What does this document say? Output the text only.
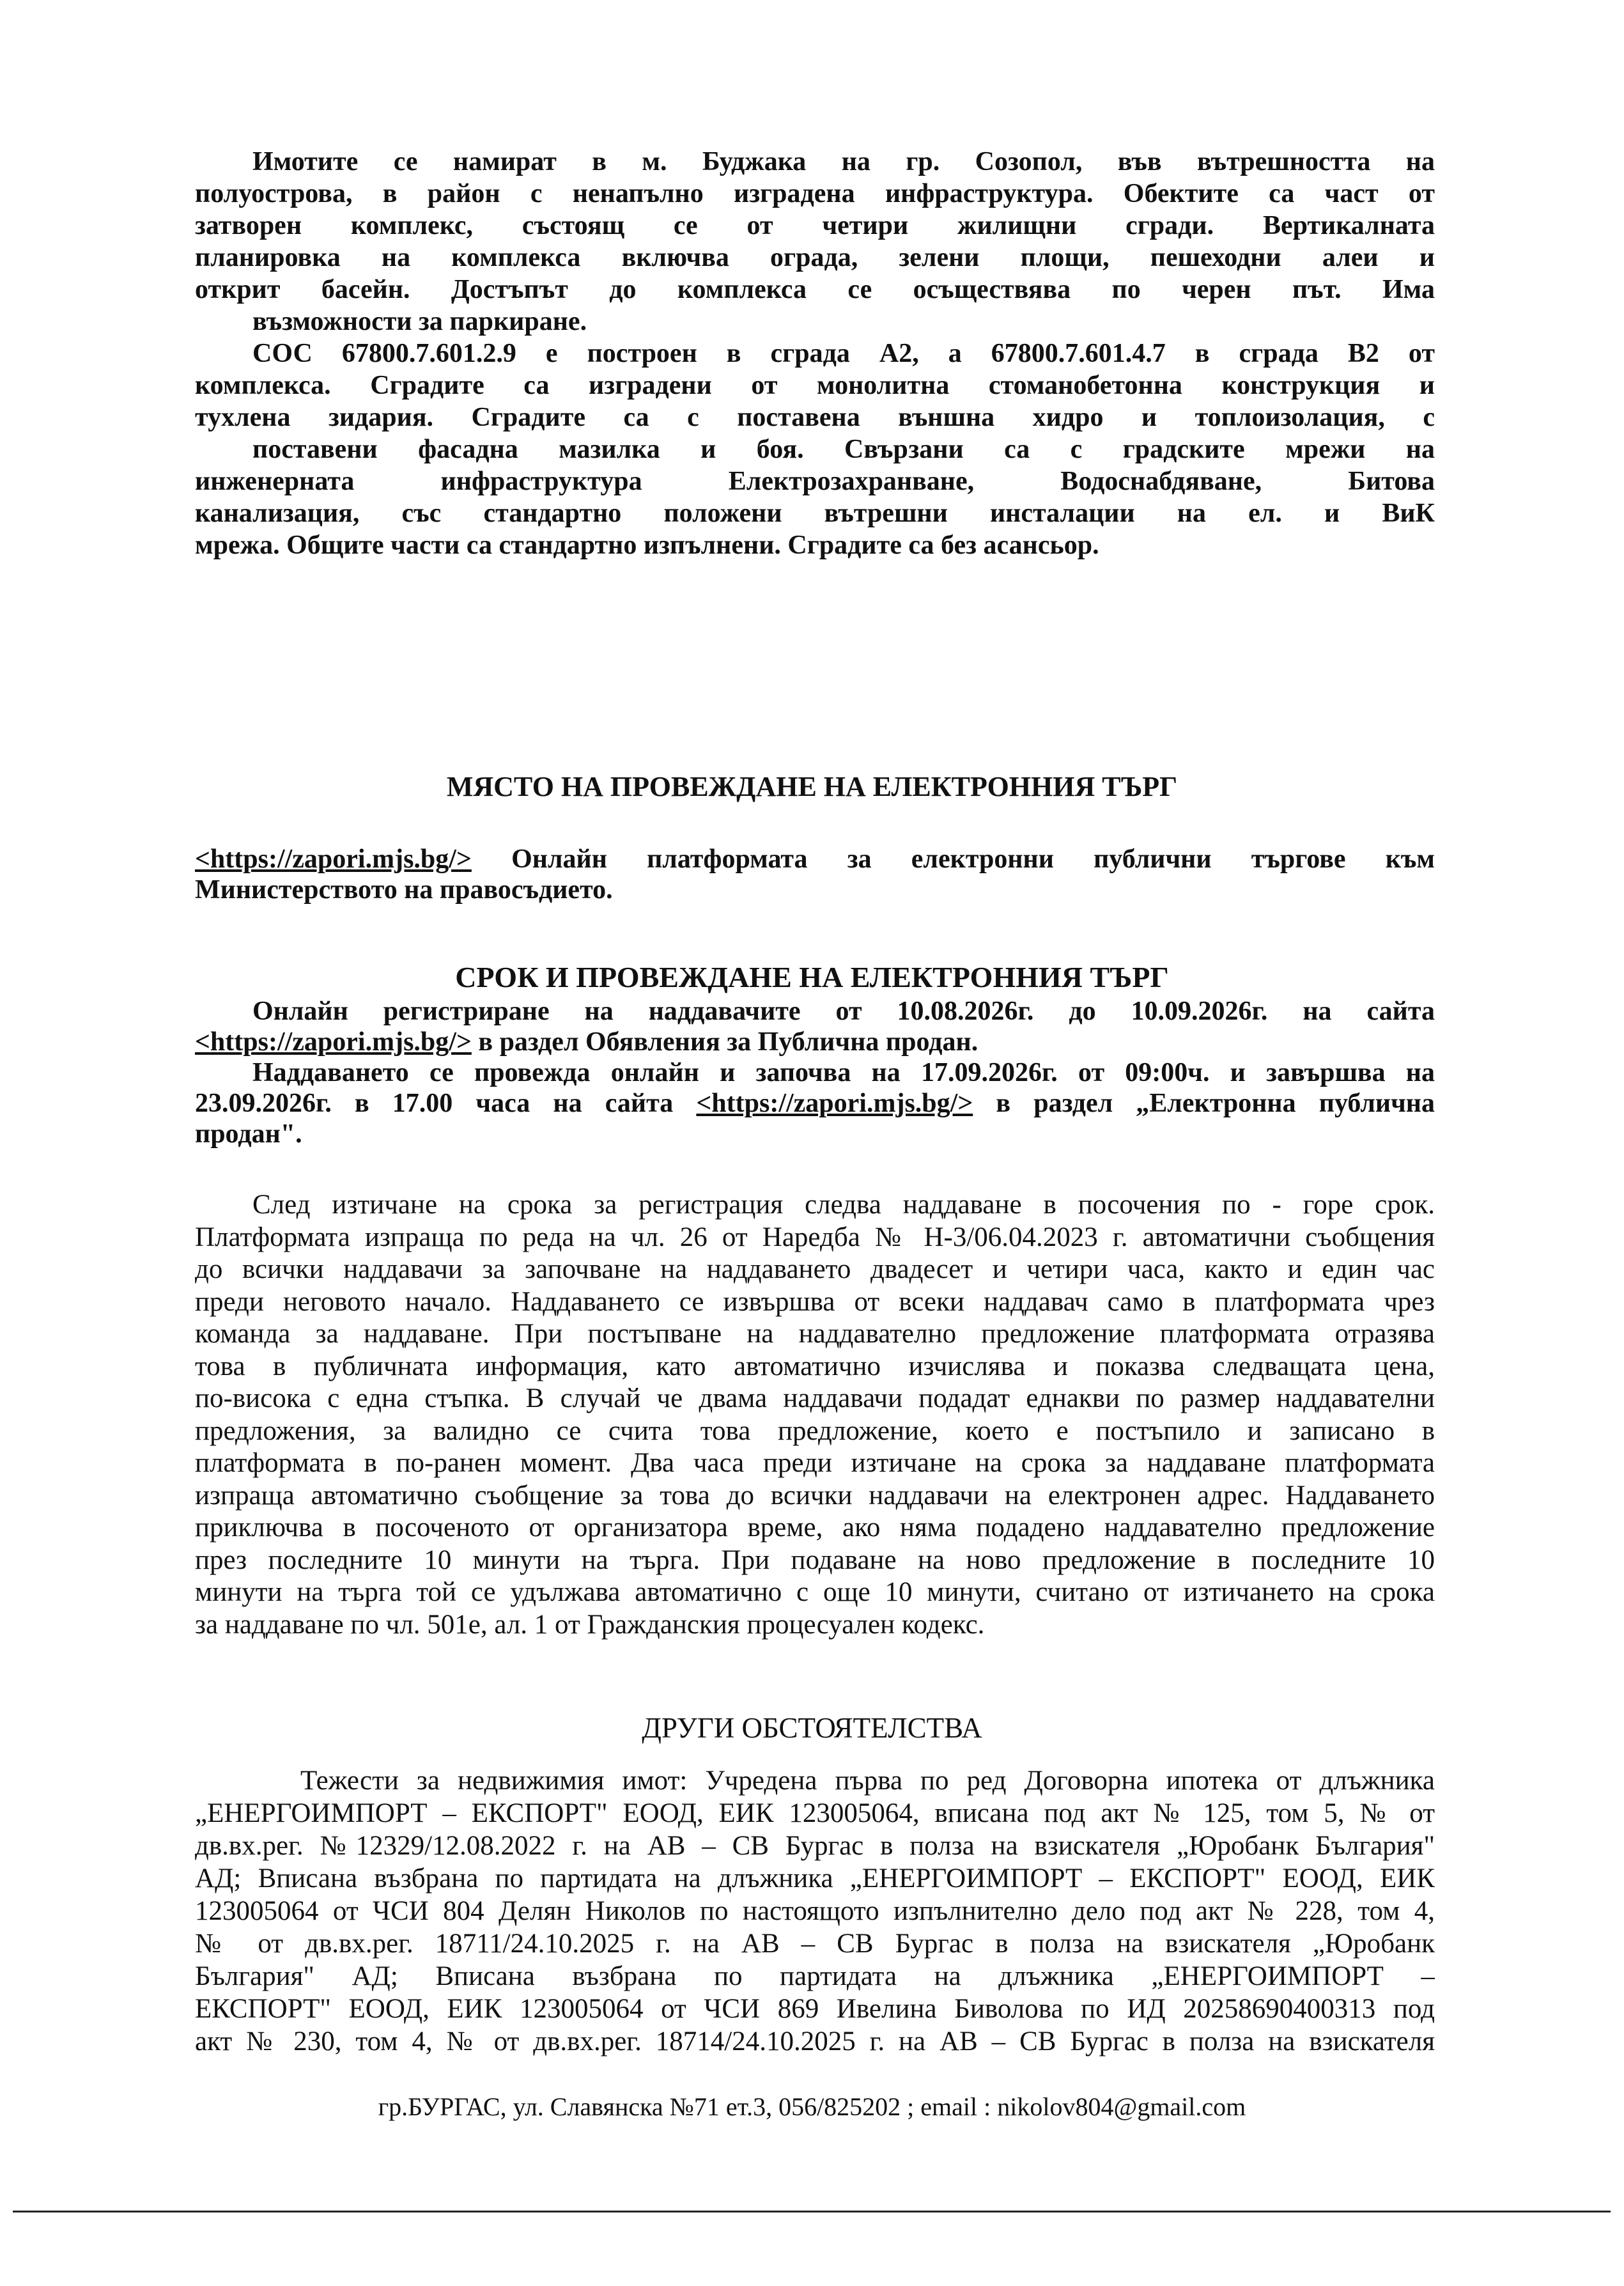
Имотите се намират в м. Буджака на гр. Созопол, във вътрешността на
полуострова, в район с ненапълно изградена инфраструктура. Обектите са част от
затворен комплекс, състоящ се от четири жилищни сгради. Вертикалната
планировка на комплекса включва ограда, зелени площи, пешеходни алеи и
открит басейн. Достъпът до комплекса се осъществява по черен път. Има
възможности за паркиране.
СОС 67800.7.601.2.9 е построен в сграда А2, а 67800.7.601.4.7 в сграда В2 от
комплекса. Сградите са изградени от монолитна стоманобетонна конструкция и
тухлена зидария. Сградите са с поставена външна хидро и топлоизолация, с
поставени фасадна мазилка и боя. Свързани са с градските мрежи на
инженерната инфраструктура Електрозахранване, Водоснабдяване, Битова
канализация, със стандартно положени вътрешни инсталации на ел. и ВиК
мрежа. Общите части са стандартно изпълнени. Сградите са без асансьор.
МЯСТО НА ПРОВЕЖДАНЕ НА ЕЛЕКТРОННИЯ ТЪРГ
<https://zapori.mjs.bg/> Онлайн платформата за електронни публични търгове към
Министерството на правосъдието.
СРОК И ПРОВЕЖДАНЕ НА ЕЛЕКТРОННИЯ ТЪРГ
Онлайн регистриране на наддавачите от 10.08.2026г. до 10.09.2026г. на сайта
<https://zapori.mjs.bg/> в раздел Обявления за Публична продан.
Наддаването се провежда онлайн и започва на 17.09.2026г. от 09:00ч. и завършва на
23.09.2026г. в 17.00 часа на сайта <https://zapori.mjs.bg/> в раздел „Електронна публична
продан".
След изтичане на срока за регистрация следва наддаване в посочения по - горе срок.
Платформата изпраща по реда на чл. 26 от Наредба № Н-3/06.04.2023 г. автоматични съобщения
до всички наддавачи за започване на наддаването двадесет и четири часа, както и един час
преди неговото начало. Наддаването се извършва от всеки наддавач само в платформата чрез
команда за наддаване. При постъпване на наддавателно предложение платформата отразява
това в публичната информация, като автоматично изчислява и показва следващата цена,
по-висока с една стъпка. В случай че двама наддавачи подадат еднакви по размер наддавателни
предложения, за валидно се счита това предложение, което е постъпило и записано в
платформата в по-ранен момент. Два часа преди изтичане на срока за наддаване платформата
изпраща автоматично съобщение за това до всички наддавачи на електронен адрес. Наддаването
приключва в посоченото от организатора време, ако няма подадено наддавателно предложение
през последните 10 минути на търга. При подаване на ново предложение в последните 10
минути на търга той се удължава автоматично с още 10 минути, считано от изтичането на срока
за наддаване по чл. 501е, ал. 1 от Гражданския процесуален кодекс.
ДРУГИ ОБСТОЯТЕЛСТВА
Тежести за недвижимия имот: Учредена първа по ред Договорна ипотека от длъжника
„ЕНЕРГОИМПОРТ – ЕКСПОРТ" ЕООД, ЕИК 123005064, вписана под акт № 125, том 5, № от
дв.вх.рег. №12329/12.08.2022 г. на АВ – СВ Бургас в полза на взискателя „Юробанк България"
АД; Вписана възбрана по партидата на длъжника „ЕНЕРГОИМПОРТ – ЕКСПОРТ" ЕООД, ЕИК
123005064 от ЧСИ 804 Делян Николов по настоящото изпълнително дело под акт № 228, том 4,
№ от дв.вх.рег. 18711/24.10.2025 г. на АВ – СВ Бургас в полза на взискателя „Юробанк
България" АД; Вписана възбрана по партидата на длъжника „ЕНЕРГОИМПОРТ –
ЕКСПОРТ" ЕООД, ЕИК 123005064 от ЧСИ 869 Ивелина Биволова по ИД 20258690400313 под
акт № 230, том 4, № от дв.вх.рег. 18714/24.10.2025 г. на АВ – СВ Бургас в полза на взискателя
гр.БУРГАС, ул. Славянска №71 ет.3, 056/825202 ; email : nikolov804@gmail.com
